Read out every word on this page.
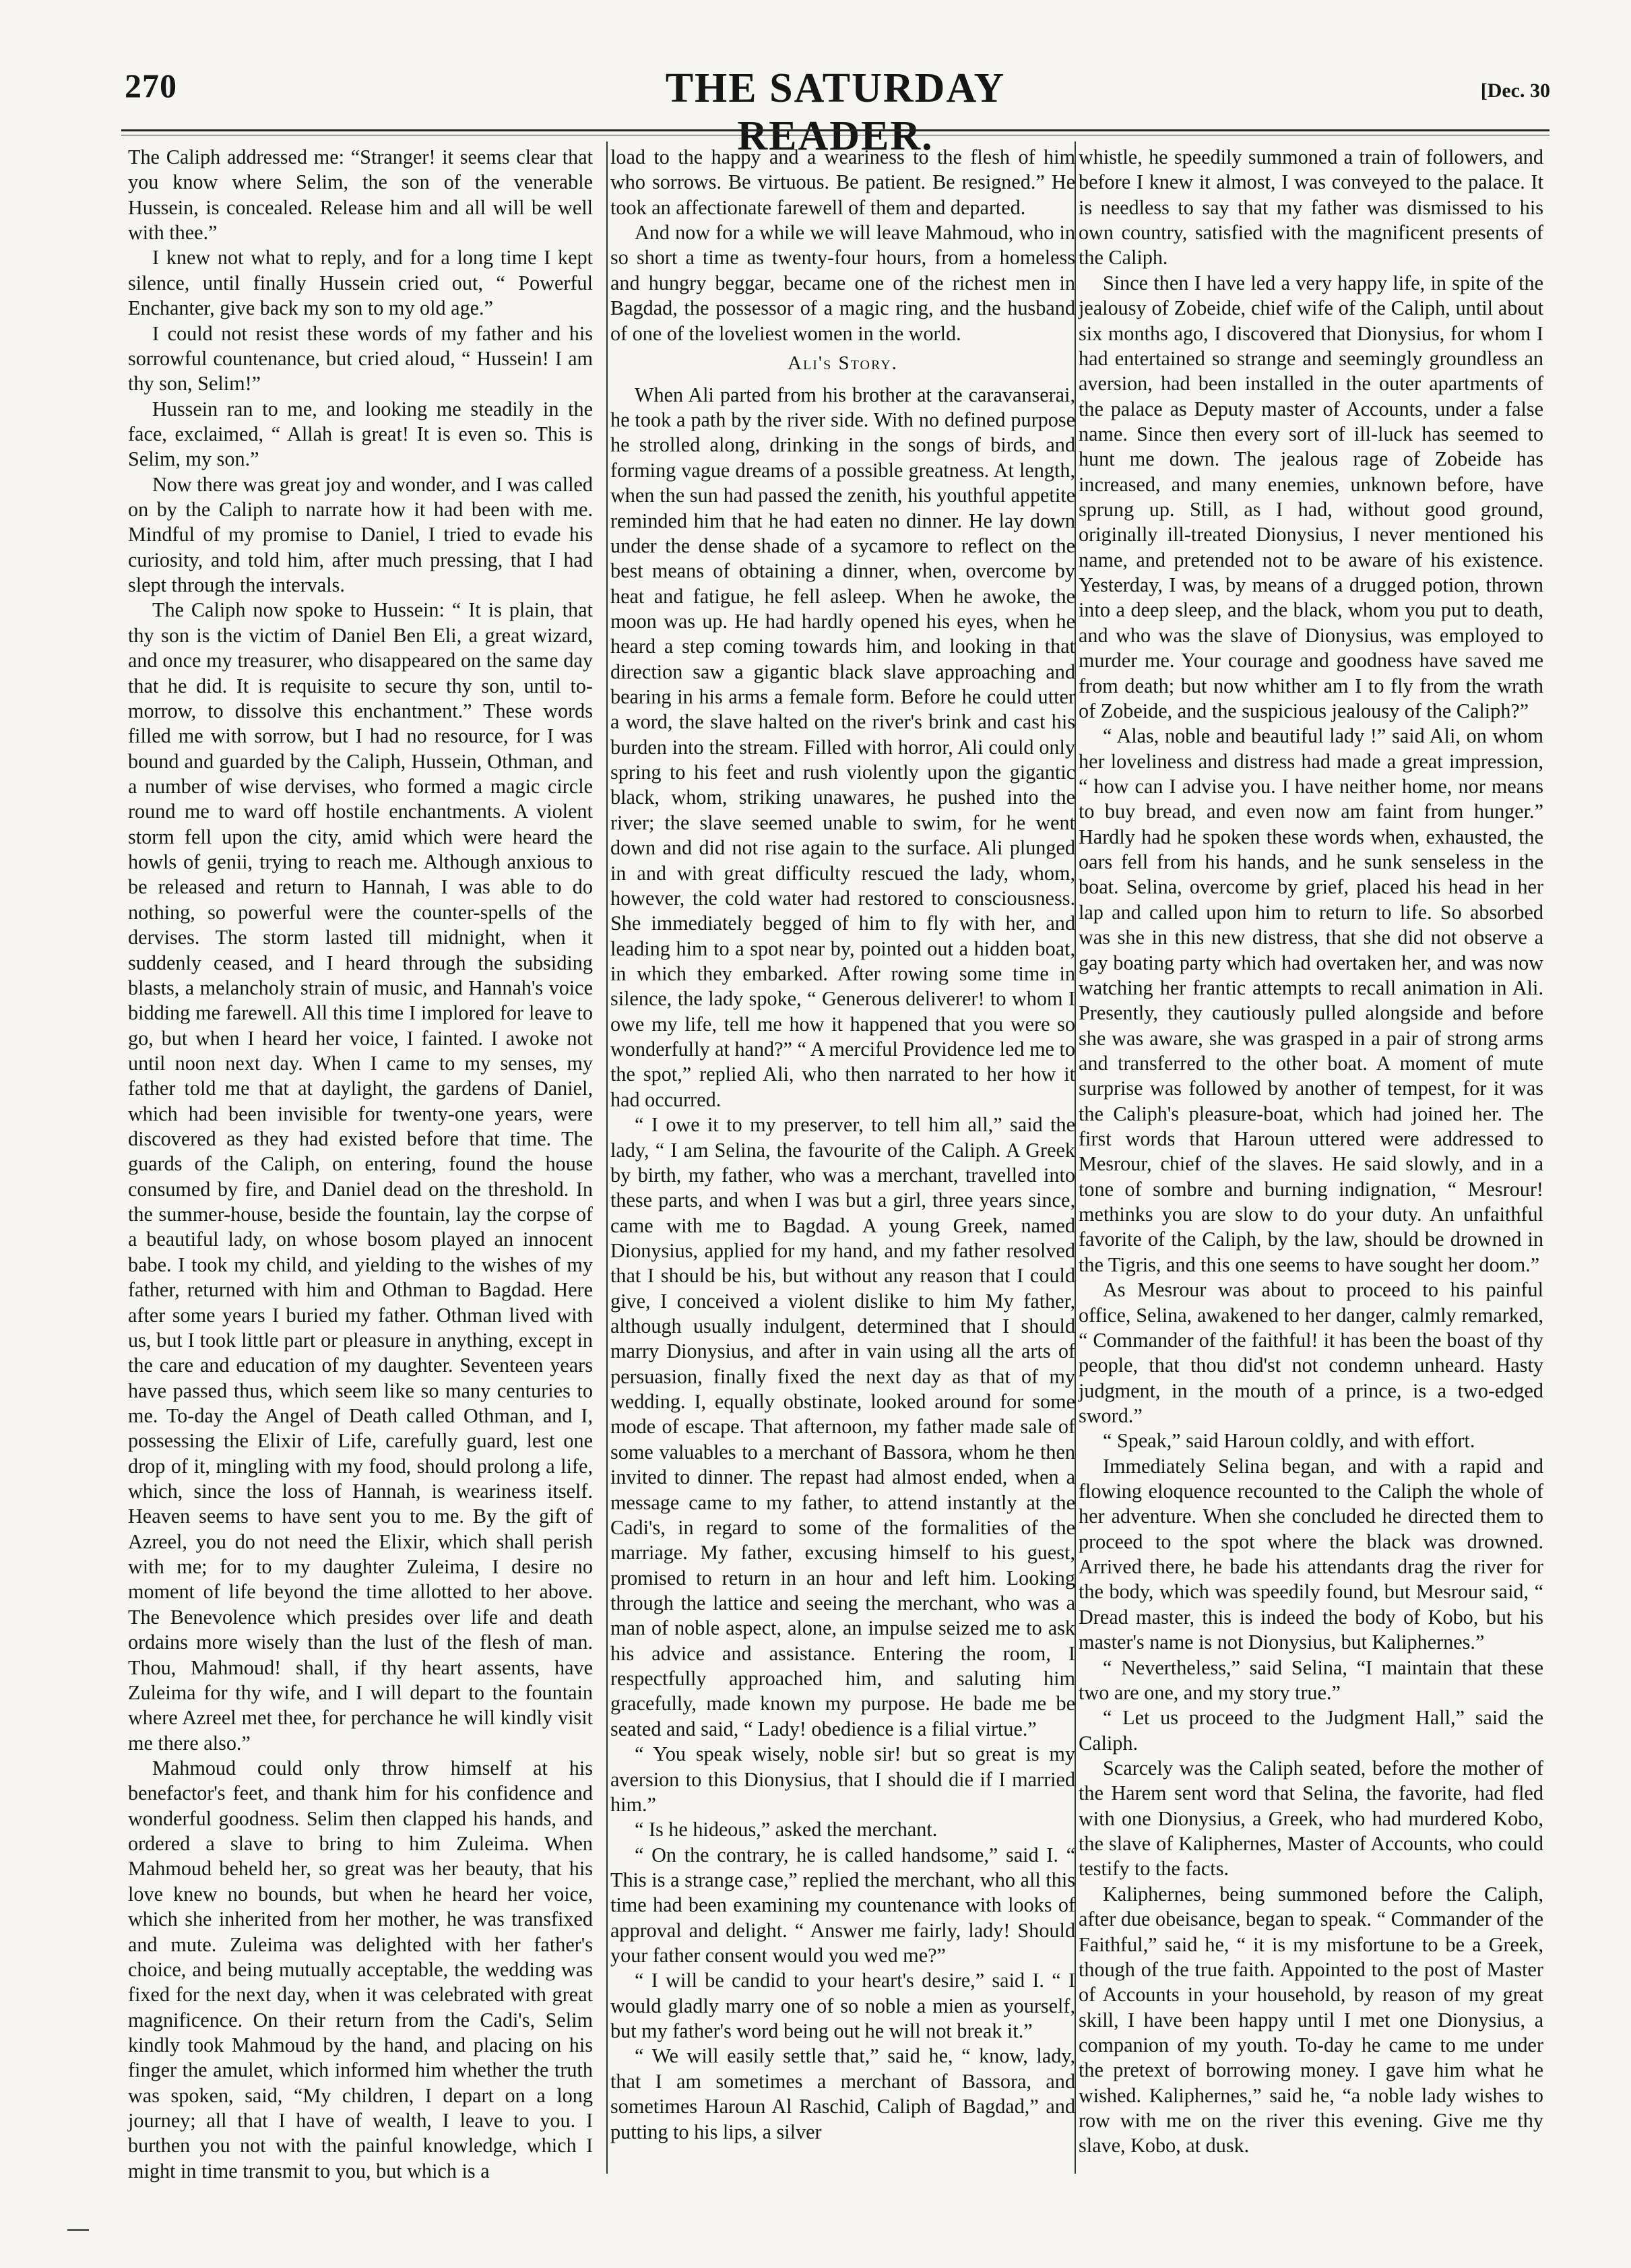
270	THE SATURDAY READER.
[Dec. 30

The Caliph addressed me: “Stranger! it seems clear that you know where Selim, the son of the venerable Hussein, is concealed. Release him and all will be well with thee.”

I knew not what to reply, and for a long time I kept silence, until finally Hussein cried out, “ Powerful Enchanter, give back my son to my old age.”

I could not resist these words of my father and his sorrowful countenance, but cried aloud, “ Hussein! I am thy son, Selim!”

Hussein ran to me, and looking me steadily in the face, exclaimed, “ Allah is great! It is even so. This is Selim, my son.”

Now there was great joy and wonder, and I was called on by the Caliph to narrate how it had been with me. Mindful of my promise to Daniel, I tried to evade his curiosity, and told him, after much pressing, that I had slept through the intervals.

The Caliph now spoke to Hussein: “ It is plain, that thy son is the victim of Daniel Ben Eli, a great wizard, and once my treasurer, who disappeared on the same day that he did. It is requisite to secure thy son, until to-morrow, to dissolve this enchantment.” These words filled me with sorrow, but I had no resource, for I was bound and guarded by the Caliph, Hussein, Othman, and a number of wise dervises, who formed a magic circle round me to ward off hostile enchantments. A violent storm fell upon the city, amid which were heard the howls of genii, trying to reach me. Although anxious to be released and return to Hannah, I was able to do nothing, so powerful were the counter-spells of the dervises. The storm lasted till midnight, when it suddenly ceased, and I heard through the subsiding blasts, a melancholy strain of music, and Hannah's voice bidding me farewell. All this time I implored for leave to go, but when I heard her voice, I fainted. I awoke not until noon next day. When I came to my senses, my father told me that at daylight, the gardens of Daniel, which had been invisible for twenty-one years, were discovered as they had existed before that time. The guards of the Caliph, on entering, found the house consumed by fire, and Daniel dead on the threshold. In the summer-house, beside the fountain, lay the corpse of a beautiful lady, on whose bosom played an innocent babe. I took my child, and yielding to the wishes of my father, returned with him and Othman to Bagdad. Here after some years I buried my father. Othman lived with us, but I took little part or pleasure in anything, except in the care and education of my daughter. Seventeen years have passed thus, which seem like so many centuries to me. To-day the Angel of Death called Othman, and I, possessing the Elixir of Life, carefully guard, lest one drop of it, mingling with my food, should prolong a life, which, since the loss of Hannah, is weariness itself. Heaven seems to have sent you to me. By the gift of Azreel, you do not need the Elixir, which shall perish with me; for to my daughter Zuleima, I desire no moment of life beyond the time allotted to her above. The Benevolence which presides over life and death ordains more wisely than the lust of the flesh of man. Thou, Mahmoud! shall, if thy heart assents, have Zuleima for thy wife, and I will depart to the fountain where Azreel met thee, for perchance he will kindly visit me there also.”

Mahmoud could only throw himself at his benefactor's feet, and thank him for his confidence and wonderful goodness. Selim then clapped his hands, and ordered a slave to bring to him Zuleima. When Mahmoud beheld her, so great was her beauty, that his love knew no bounds, but when he heard her voice, which she inherited from her mother, he was transfixed and mute. Zuleima was delighted with her father's choice, and being mutually acceptable, the wedding was fixed for the next day, when it was celebrated with great magnificence. On their return from the Cadi's, Selim kindly took Mahmoud by the hand, and placing on his finger the amulet, which informed him whether the truth was spoken, said, “My children, I depart on a long journey; all that I have of wealth, I leave to you. I burthen you not with the painful knowledge, which I might in time transmit to you, but which is a

load to the happy and a weariness to the flesh of him who sorrows. Be virtuous. Be patient. Be resigned.” He took an affectionate farewell of them and departed.

And now for a while we will leave Mahmoud, who in so short a time as twenty-four hours, from a homeless and hungry beggar, became one of the richest men in Bagdad, the possessor of a magic ring, and the husband of one of the loveliest women in the world.

Ali's Story.

When Ali parted from his brother at the caravanserai, he took a path by the river side. With no defined purpose he strolled along, drinking in the songs of birds, and forming vague dreams of a possible greatness. At length, when the sun had passed the zenith, his youthful appetite reminded him that he had eaten no dinner. He lay down under the dense shade of a sycamore to reflect on the best means of obtaining a dinner, when, overcome by heat and fatigue, he fell asleep. When he awoke, the moon was up. He had hardly opened his eyes, when he heard a step coming towards him, and looking in that direction saw a gigantic black slave approaching and bearing in his arms a female form. Before he could utter a word, the slave halted on the river's brink and cast his burden into the stream. Filled with horror, Ali could only spring to his feet and rush violently upon the gigantic black, whom, striking unawares, he pushed into the river; the slave seemed unable to swim, for he went down and did not rise again to the surface. Ali plunged in and with great difficulty rescued the lady, whom, however, the cold water had restored to consciousness. She immediately begged of him to fly with her, and leading him to a spot near by, pointed out a hidden boat, in which they embarked. After rowing some time in silence, the lady spoke, “ Generous deliverer! to whom I owe my life, tell me how it happened that you were so wonderfully at hand?” “ A merciful Providence led me to the spot,” replied Ali, who then narrated to her how it had occurred.

“ I owe it to my preserver, to tell him all,” said the lady, “ I am Selina, the favourite of the Caliph. A Greek by birth, my father, who was a merchant, travelled into these parts, and when I was but a girl, three years since, came with me to Bagdad. A young Greek, named Dionysius, applied for my hand, and my father resolved that I should be his, but without any reason that I could give, I conceived a violent dislike to him My father, although usually indulgent, determined that I should marry Dionysius, and after in vain using all the arts of persuasion, finally fixed the next day as that of my wedding. I, equally obstinate, looked around for some mode of escape. That afternoon, my father made sale of some valuables to a merchant of Bassora, whom he then invited to dinner. The repast had almost ended, when a message came to my father, to attend instantly at the Cadi's, in regard to some of the formalities of the marriage. My father, excusing himself to his guest, promised to return in an hour and left him. Looking through the lattice and seeing the merchant, who was a man of noble aspect, alone, an impulse seized me to ask his advice and assistance. Entering the room, I respectfully approached him, and saluting him gracefully, made known my purpose. He bade me be seated and said, “ Lady! obedience is a filial virtue.”

“ You speak wisely, noble sir! but so great is my aversion to this Dionysius, that I should die if I married him.”

“ Is he hideous,” asked the merchant.

“ On the contrary, he is called handsome,” said I. “ This is a strange case,” replied the merchant, who all this time had been examining my countenance with looks of approval and delight. “ Answer me fairly, lady! Should your father consent would you wed me?”

“ I will be candid to your heart's desire,” said I. “ I would gladly marry one of so noble a mien as yourself, but my father's word being out he will not break it.”

“ We will easily settle that,” said he, “ know, lady, that I am sometimes a merchant of Bassora, and sometimes Haroun Al Raschid, Caliph of Bagdad,” and putting to his lips, a silver

whistle, he speedily summoned a train of followers, and before I knew it almost, I was conveyed to the palace. It is needless to say that my father was dismissed to his own country, satisfied with the magnificent presents of the Caliph.

Since then I have led a very happy life, in spite of the jealousy of Zobeide, chief wife of the Caliph, until about six months ago, I discovered that Dionysius, for whom I had entertained so strange and seemingly groundless an aversion, had been installed in the outer apartments of the palace as Deputy master of Accounts, under a false name. Since then every sort of ill-luck has seemed to hunt me down. The jealous rage of Zobeide has increased, and many enemies, unknown before, have sprung up. Still, as I had, without good ground, originally ill-treated Dionysius, I never mentioned his name, and pretended not to be aware of his existence. Yesterday, I was, by means of a drugged potion, thrown into a deep sleep, and the black, whom you put to death, and who was the slave of Dionysius, was employed to murder me. Your courage and goodness have saved me from death; but now whither am I to fly from the wrath of Zobeide, and the suspicious jealousy of the Caliph?”

“ Alas, noble and beautiful lady !” said Ali, on whom her loveliness and distress had made a great impression, “ how can I advise you. I have neither home, nor means to buy bread, and even now am faint from hunger.” Hardly had he spoken these words when, exhausted, the oars fell from his hands, and he sunk senseless in the boat. Selina, overcome by grief, placed his head in her lap and called upon him to return to life. So absorbed was she in this new distress, that she did not observe a gay boating party which had overtaken her, and was now watching her frantic attempts to recall animation in Ali. Presently, they cautiously pulled alongside and before she was aware, she was grasped in a pair of strong arms and transferred to the other boat. A moment of mute surprise was followed by another of tempest, for it was the Caliph's pleasure-boat, which had joined her. The first words that Haroun uttered were addressed to Mesrour, chief of the slaves. He said slowly, and in a tone of sombre and burning indignation, “ Mesrour! methinks you are slow to do your duty. An unfaithful favorite of the Caliph, by the law, should be drowned in the Tigris, and this one seems to have sought her doom.”

As Mesrour was about to proceed to his painful office, Selina, awakened to her danger, calmly remarked, “ Commander of the faithful! it has been the boast of thy people, that thou did'st not condemn unheard. Hasty judgment, in the mouth of a prince, is a two-edged sword.”

“ Speak,” said Haroun coldly, and with effort.

Immediately Selina began, and with a rapid and flowing eloquence recounted to the Caliph the whole of her adventure. When she concluded he directed them to proceed to the spot where the black was drowned. Arrived there, he bade his attendants drag the river for the body, which was speedily found, but Mesrour said, “ Dread master, this is indeed the body of Kobo, but his master's name is not Dionysius, but Kaliphernes.”

“ Nevertheless,” said Selina, “I maintain that these two are one, and my story true.”

“ Let us proceed to the Judgment Hall,” said the Caliph.

Scarcely was the Caliph seated, before the mother of the Harem sent word that Selina, the favorite, had fled with one Dionysius, a Greek, who had murdered Kobo, the slave of Kaliphernes, Master of Accounts, who could testify to the facts.

Kaliphernes, being summoned before the Caliph, after due obeisance, began to speak. “ Commander of the Faithful,” said he, “ it is my misfortune to be a Greek, though of the true faith. Appointed to the post of Master of Accounts in your household, by reason of my great skill, I have been happy until I met one Dionysius, a companion of my youth. To-day he came to me under the pretext of borrowing money. I gave him what he wished. Kaliphernes,” said he, “a noble lady wishes to row with me on the river this evening. Give me thy slave, Kobo, at dusk.
